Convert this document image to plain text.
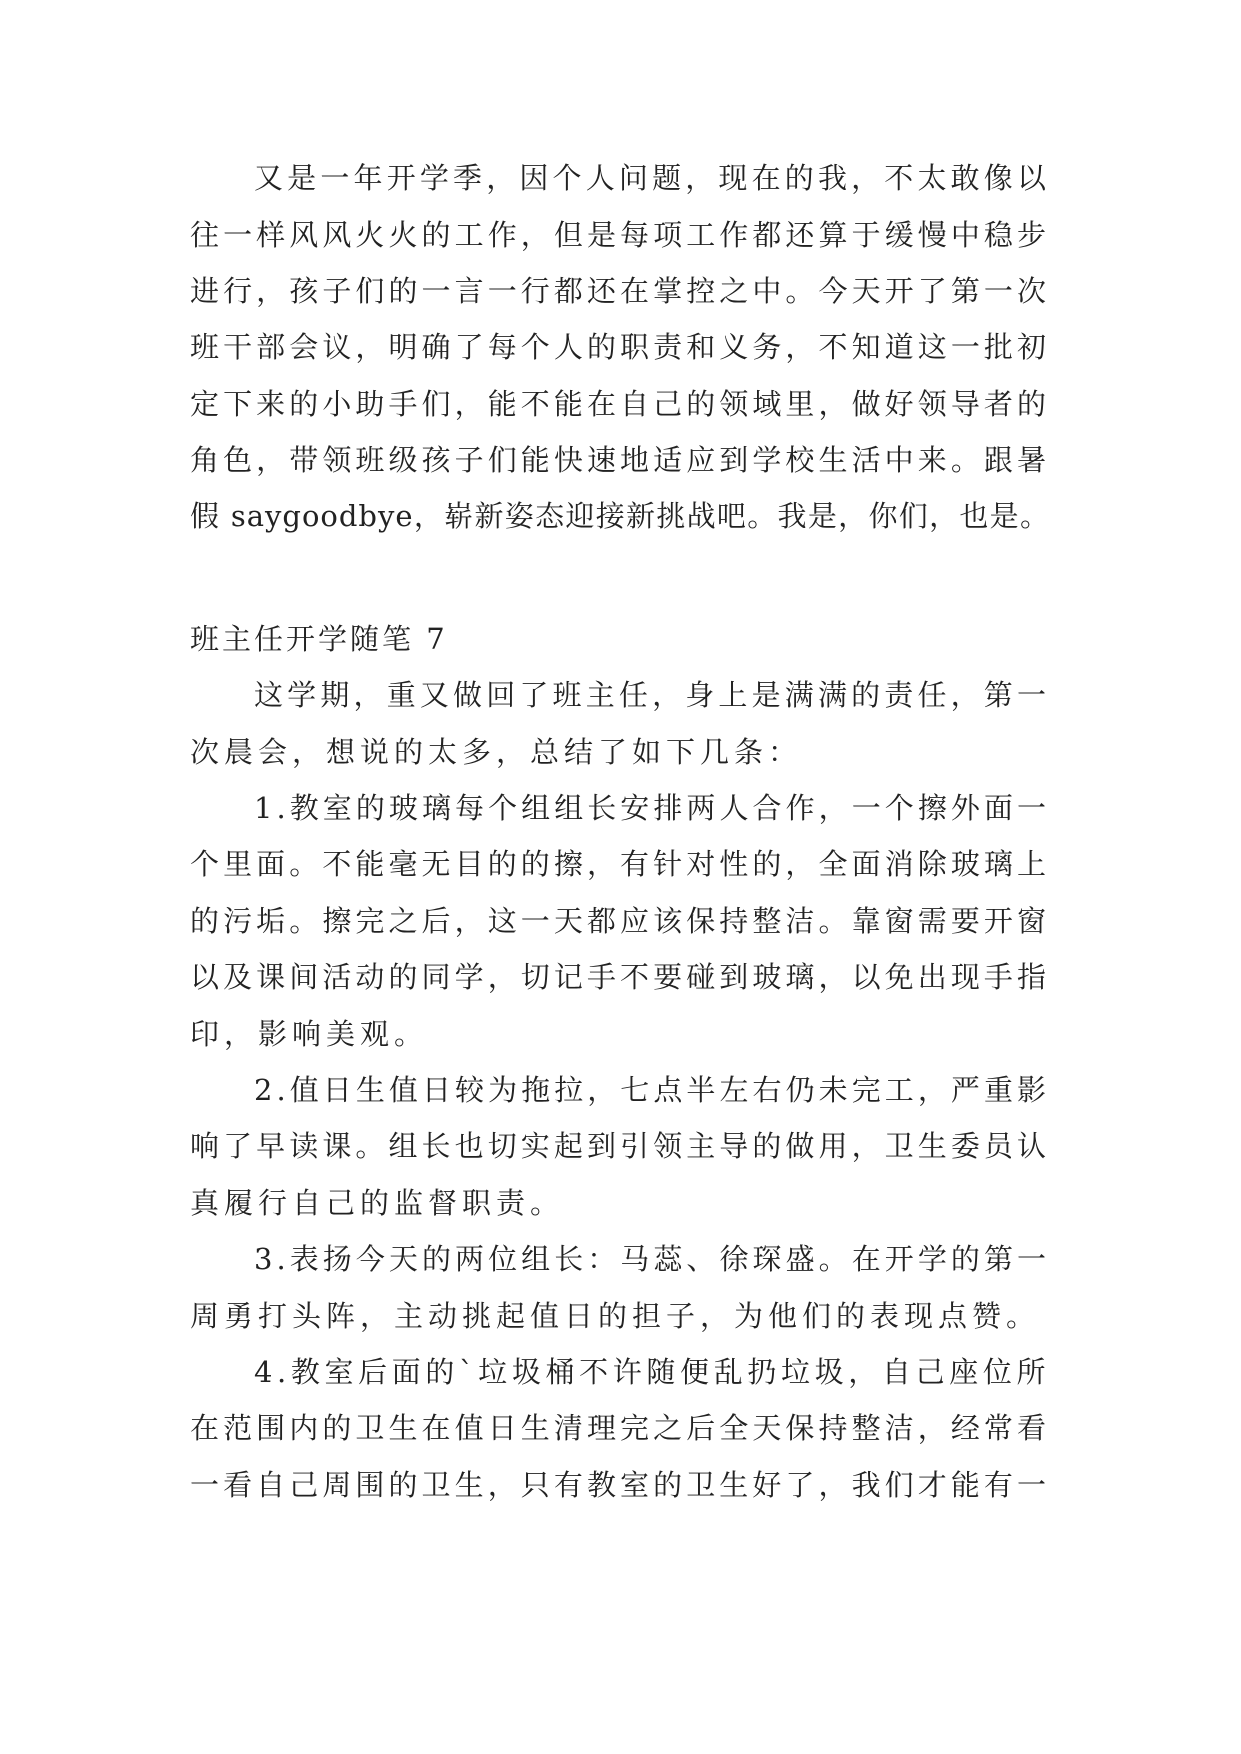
又是一年开学季，因个人问题，现在的我，不太敢像以
往一样风风火火的工作，但是每项工作都还算于缓慢中稳步
进行，孩子们的一言一行都还在掌控之中。今天开了第一次
班干部会议，明确了每个人的职责和义务，不知道这一批初
定下来的小助手们，能不能在自己的领域里，做好领导者的
角色，带领班级孩子们能快速地适应到学校生活中来。跟暑
假 saygoodbye，崭新姿态迎接新挑战吧。我是，你们，也是。
班主任开学随笔 7
这学期，重又做回了班主任，身上是满满的责任，第一
次晨会，想说的太多，总结了如下几条：
1.教室的玻璃每个组组长安排两人合作，一个擦外面一
个里面。不能毫无目的的擦，有针对性的，全面消除玻璃上
的污垢。擦完之后，这一天都应该保持整洁。靠窗需要开窗
以及课间活动的同学，切记手不要碰到玻璃，以免出现手指
印，影响美观。
2.值日生值日较为拖拉，七点半左右仍未完工，严重影
响了早读课。组长也切实起到引领主导的做用，卫生委员认
真履行自己的监督职责。
3.表扬今天的两位组长：马蕊、徐琛盛。在开学的第一
周勇打头阵，主动挑起值日的担子，为他们的表现点赞。
4.教室后面的`垃圾桶不许随便乱扔垃圾，自己座位所
在范围内的卫生在值日生清理完之后全天保持整洁，经常看
一看自己周围的卫生，只有教室的卫生好了，我们才能有一
